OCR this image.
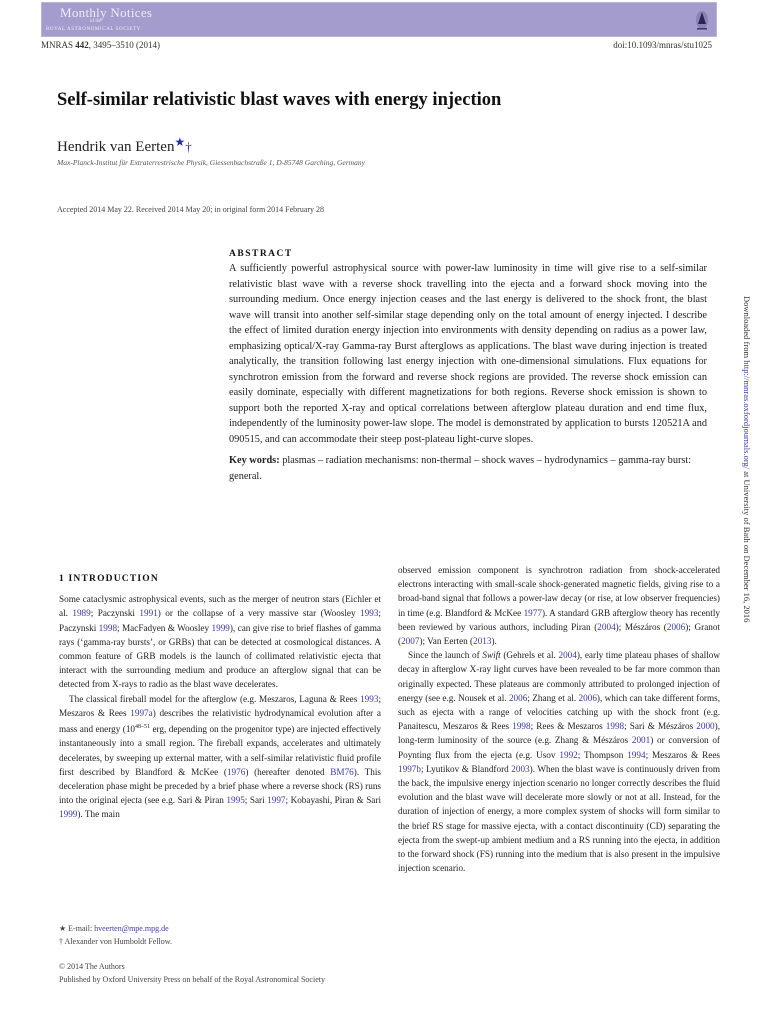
Monthly Notices
of the
ROYAL ASTRONOMICAL SOCIETY
MNRAS 442, 3495–3510 (2014)	doi:10.1093/mnras/stu1025
Self-similar relativistic blast waves with energy injection
Hendrik van Eerten★†
Max-Planck-Institut für Extraterrestrische Physik, Giessenbachstraße 1, D-85748 Garching, Germany
Accepted 2014 May 22. Received 2014 May 20; in original form 2014 February 28
ABSTRACT

A sufficiently powerful astrophysical source with power-law luminosity in time will give rise to a self-similar relativistic blast wave with a reverse shock travelling into the ejecta and a forward shock moving into the surrounding medium. Once energy injection ceases and the last energy is delivered to the shock front, the blast wave will transit into another self-similar stage depending only on the total amount of energy injected. I describe the effect of limited duration energy injection into environments with density depending on radius as a power law, emphasizing optical/X-ray Gamma-ray Burst afterglows as applications. The blast wave during injection is treated analytically, the transition following last energy injection with one-dimensional simulations. Flux equations for synchrotron emission from the forward and reverse shock regions are provided. The reverse shock emission can easily dominate, especially with different magnetizations for both regions. Reverse shock emission is shown to support both the reported X-ray and optical correlations between afterglow plateau duration and end time flux, independently of the luminosity power-law slope. The model is demonstrated by application to bursts 120521A and 090515, and can accommodate their steep post-plateau light-curve slopes.

Key words: plasmas – radiation mechanisms: non-thermal – shock waves – hydrodynamics – gamma-ray burst: general.
1 INTRODUCTION

Some cataclysmic astrophysical events, such as the merger of neutron stars (Eichler et al. 1989; Paczynski 1991) or the collapse of a very massive star (Woosley 1993; Paczynski 1998; MacFadyen & Woosley 1999), can give rise to brief flashes of gamma rays (‘gamma-ray bursts’, or GRBs) that can be detected at cosmological distances. A common feature of GRB models is the launch of collimated relativistic ejecta that interact with the surrounding medium and produce an afterglow signal that can be detected from X-rays to radio as the blast wave decelerates.

The classical fireball model for the afterglow (e.g. Meszaros, Laguna & Rees 1993; Meszaros & Rees 1997a) describes the relativistic hydrodynamical evolution after a mass and energy (10$^{48-51}$ erg, depending on the progenitor type) are injected effectively instantaneously into a small region. The fireball expands, accelerates and ultimately decelerates, by sweeping up external matter, with a self-similar relativistic fluid profile first described by Blandford & McKee (1976) (hereafter denoted BM76). This deceleration phase might be preceded by a brief phase where a reverse shock (RS) runs into the original ejecta (see e.g. Sari & Piran 1995; Sari 1997; Kobayashi, Piran & Sari 1999). The main

observed emission component is synchrotron radiation from shock-accelerated electrons interacting with small-scale shock-generated magnetic fields, giving rise to a broad-band signal that follows a power-law decay (or rise, at low observer frequencies) in time (e.g. Blandford & McKee 1977). A standard GRB afterglow theory has recently been reviewed by various authors, including Piran (2004); Mészáros (2006); Granot (2007); Van Eerten (2013).

Since the launch of Swift (Gehrels et al. 2004), early time plateau phases of shallow decay in afterglow X-ray light curves have been revealed to be far more common than originally expected. These plateaus are commonly attributed to prolonged injection of energy (see e.g. Nousek et al. 2006; Zhang et al. 2006), which can take different forms, such as ejecta with a range of velocities catching up with the shock front (e.g. Panaitescu, Meszaros & Rees 1998; Rees & Meszaros 1998; Sari & Mészáros 2000), long-term luminosity of the source (e.g. Zhang & Mészáros 2001) or conversion of Poynting flux from the ejecta (e.g. Usov 1992; Thompson 1994; Meszaros & Rees 1997b; Lyutikov & Blandford 2003). When the blast wave is continuously driven from the back, the impulsive energy injection scenario no longer correctly describes the fluid evolution and the blast wave will decelerate more slowly or not at all. Instead, for the duration of injection of energy, a more complex system of shocks will form similar to the brief RS stage for massive ejecta, with a contact discontinuity (CD) separating the ejecta from the swept-up ambient medium and a RS running into the ejecta, in addition to the forward shock (FS) running into the medium that is also present in the impulsive injection scenario.

★ E-mail: hveerten@mpe.mpg.de
† Alexander von Humboldt Fellow.
© 2014 The Authors
Published by Oxford University Press on behalf of the Royal Astronomical Society
Downloaded from http://mnras.oxfordjournals.org/ at University of Bath on December 16, 2016
